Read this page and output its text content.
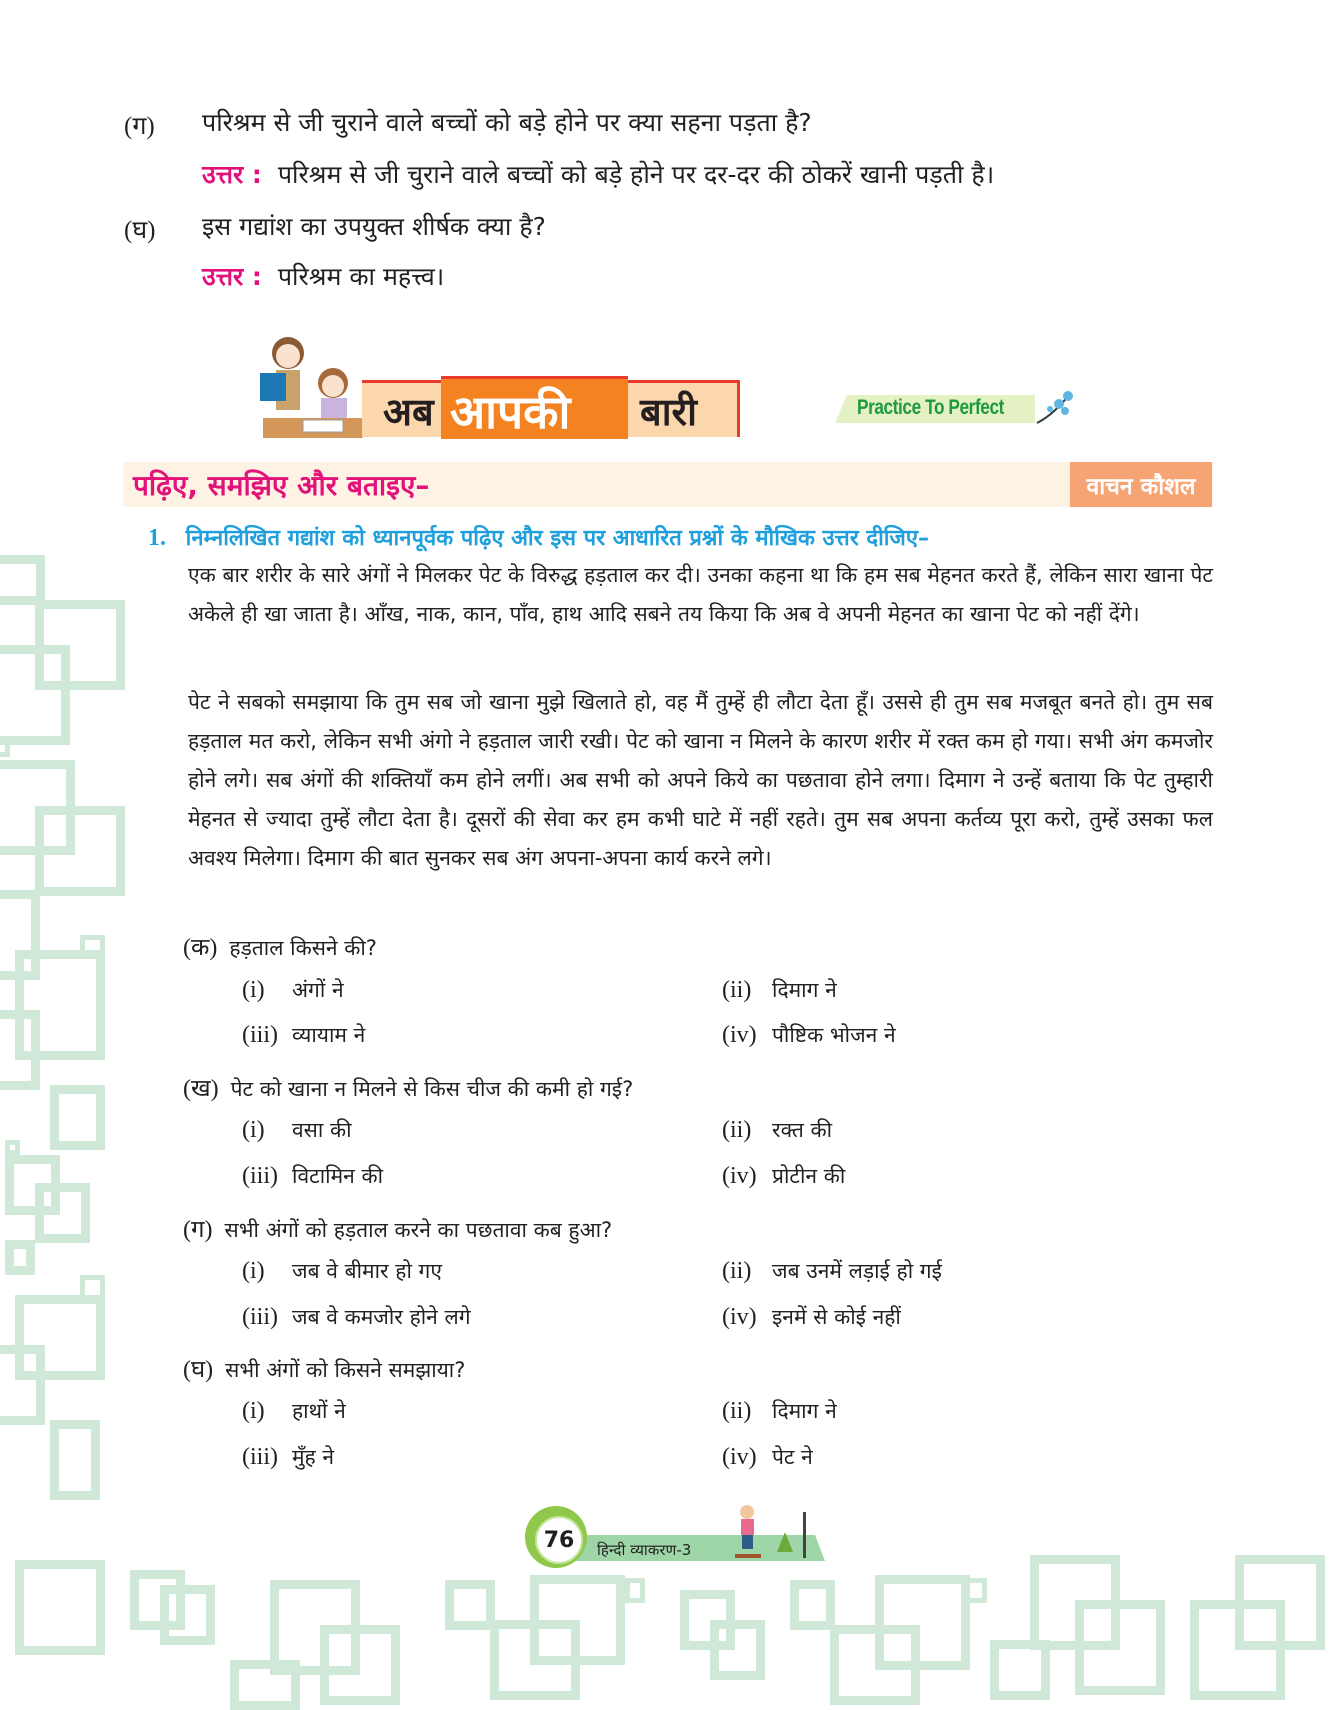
(ग) परिश्रम से जी चुराने वाले बच्चों को बड़े होने पर क्या सहना पड़ता है?
उत्तर : परिश्रम से जी चुराने वाले बच्चों को बड़े होने पर दर-दर की ठोकरें खानी पड़ती है।
(घ) इस गद्यांश का उपयुक्त शीर्षक क्या है?
उत्तर : परिश्रम का महत्त्व।
अब आपकी बारी	Practice To Perfect
पढ़िए, समझिए और बताइए–	वाचन कौशल
1. निम्नलिखित गद्यांश को ध्यानपूर्वक पढ़िए और इस पर आधारित प्रश्नों के मौखिक उत्तर दीजिए–

एक बार शरीर के सारे अंगों ने मिलकर पेट के विरुद्ध हड़ताल कर दी। उनका कहना था कि हम सब मेहनत करते हैं, लेकिन सारा खाना पेट अकेले ही खा जाता है। आँख, नाक, कान, पाँव, हाथ आदि सबने तय किया कि अब वे अपनी मेहनत का खाना पेट को नहीं देंगे।

पेट ने सबको समझाया कि तुम सब जो खाना मुझे खिलाते हो, वह मैं तुम्हें ही लौटा देता हूँ। उससे ही तुम सब मजबूत बनते हो। तुम सब हड़ताल मत करो, लेकिन सभी अंगो ने हड़ताल जारी रखी। पेट को खाना न मिलने के कारण शरीर में रक्त कम हो गया। सभी अंग कमजोर होने लगे। सब अंगों की शक्तियाँ कम होने लगीं। अब सभी को अपने किये का पछतावा होने लगा। दिमाग ने उन्हें बताया कि पेट तुम्हारी मेहनत से ज्यादा तुम्हें लौटा देता है। दूसरों की सेवा कर हम कभी घाटे में नहीं रहते। तुम सब अपना कर्तव्य पूरा करो, तुम्हें उसका फल अवश्य मिलेगा। दिमाग की बात सुनकर सब अंग अपना-अपना कार्य करने लगे।

(क) हड़ताल किसने की?
(i) अंगों ने	(ii) दिमाग ने
(iii) व्यायाम ने	(iv) पौष्टिक भोजन ने
(ख) पेट को खाना न मिलने से किस चीज की कमी हो गई?
(i) वसा की	(ii) रक्त की
(iii) विटामिन की	(iv) प्रोटीन की
(ग) सभी अंगों को हड़ताल करने का पछतावा कब हुआ?
(i) जब वे बीमार हो गए	(ii) जब उनमें लड़ाई हो गई
(iii) जब वे कमजोर होने लगे	(iv) इनमें से कोई नहीं
(घ) सभी अंगों को किसने समझाया?
(i) हाथों ने	(ii) दिमाग ने
(iii) मुँह ने	(iv) पेट ने
76 हिन्दी व्याकरण-3
